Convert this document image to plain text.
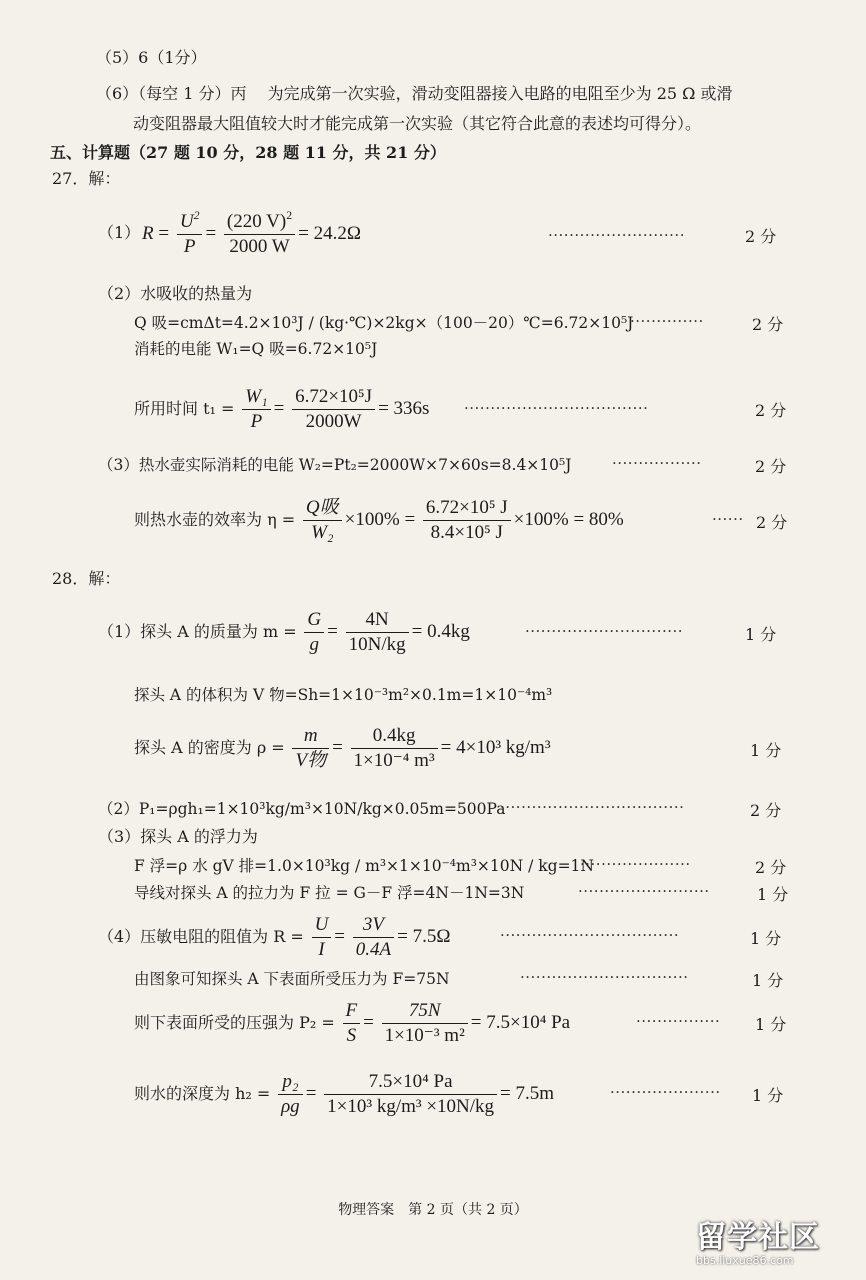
（5）6（1分）
（6）（每空 1 分）丙　 为完成第一次实验，滑动变阻器接入电路的电阻至少为 25 Ω 或滑
动变阻器最大阻值较大时才能完成第一次实验（其它符合此意的表述均可得分）。
五、计算题（27 题 10 分，28 题 11 分，共 21 分）
27．解：
（1） $R = \frac{U^2}{P} = \frac{(220 V)^2}{2000 W} = 24.2\Omega$	··························	2 分
（2）水吸收的热量为
Q 吸=cmΔt=4.2×10³J / (kg·℃)×2kg×（100－20）℃=6.72×10⁵J
··············	2 分
消耗的电能 W₁=Q 吸=6.72×10⁵J
所用时间 $t_1 = \frac{\text{W₁}}{P} = \frac{\text{6.72×10⁵J}}{2000W} = 336s$ ···································	2 分
（3）热水壶实际消耗的电能 W₂=Pt₂=2000W×7×60s=8.4×10⁵J	·················	2 分
则热水壶的效率为 $\eta = \frac{\text{Q吸}}{\text{W₂}} \times 100\% = \frac{\text{6.72×10⁵ J}}{\text{8.4×10⁵ J}} \times 100\% = 80\%$	······ 2 分
28．解：
（1）探头 A 的质量为 $m = \frac{G}{g} = \frac{4N}{10N/kg} = 0.4kg$	······························	1 分
探头 A 的体积为 V 物=Sh=1×10⁻³m²×0.1m=1×10⁻⁴m³
探头 A 的密度为 $\rho = \frac{m}{\text{V物}} = \frac{0.4kg}{\text{1×10⁻⁴ m³}} = 4\times 10^3$ kg/m³	1 分
（2）P₁=ρgh₁=1×10³kg/m³×10N/kg×0.05m=500Pa
···································	2 分
（3）探头 A 的浮力为
F 浮=ρ 水 gV 排=1.0×10³kg / m³×1×10⁻⁴m³×10N / kg=1N
·····················	2 分
导线对探头 A 的拉力为 F 拉 = G－F 浮=4N－1N=3N	·························	1 分
（4）压敏电阻的阻值为 $R = \frac{U}{I} = \frac{3V}{0.4A} = 7.5\Omega$	··································	1 分
由图象可知探头 A 下表面所受压力为 F=75N	································	1 分
则下表面所受的压强为 $P_2 = \frac{F}{S} = \frac{75N}{\text{1×10⁻³ m²}} = 7.5\times 10^4$ Pa	················ 1 分
则水的深度为 $h_2 = \frac{\text{p₂}}{\rho g} = \frac{\text{7.5×10⁴ Pa}}{\text{1×10³ kg/m³ ×10N/kg}} = 7.5m$	····················· 1 分
物理答案　第 2 页（共 2 页）
留学社区
bbs.liuxue86.com
